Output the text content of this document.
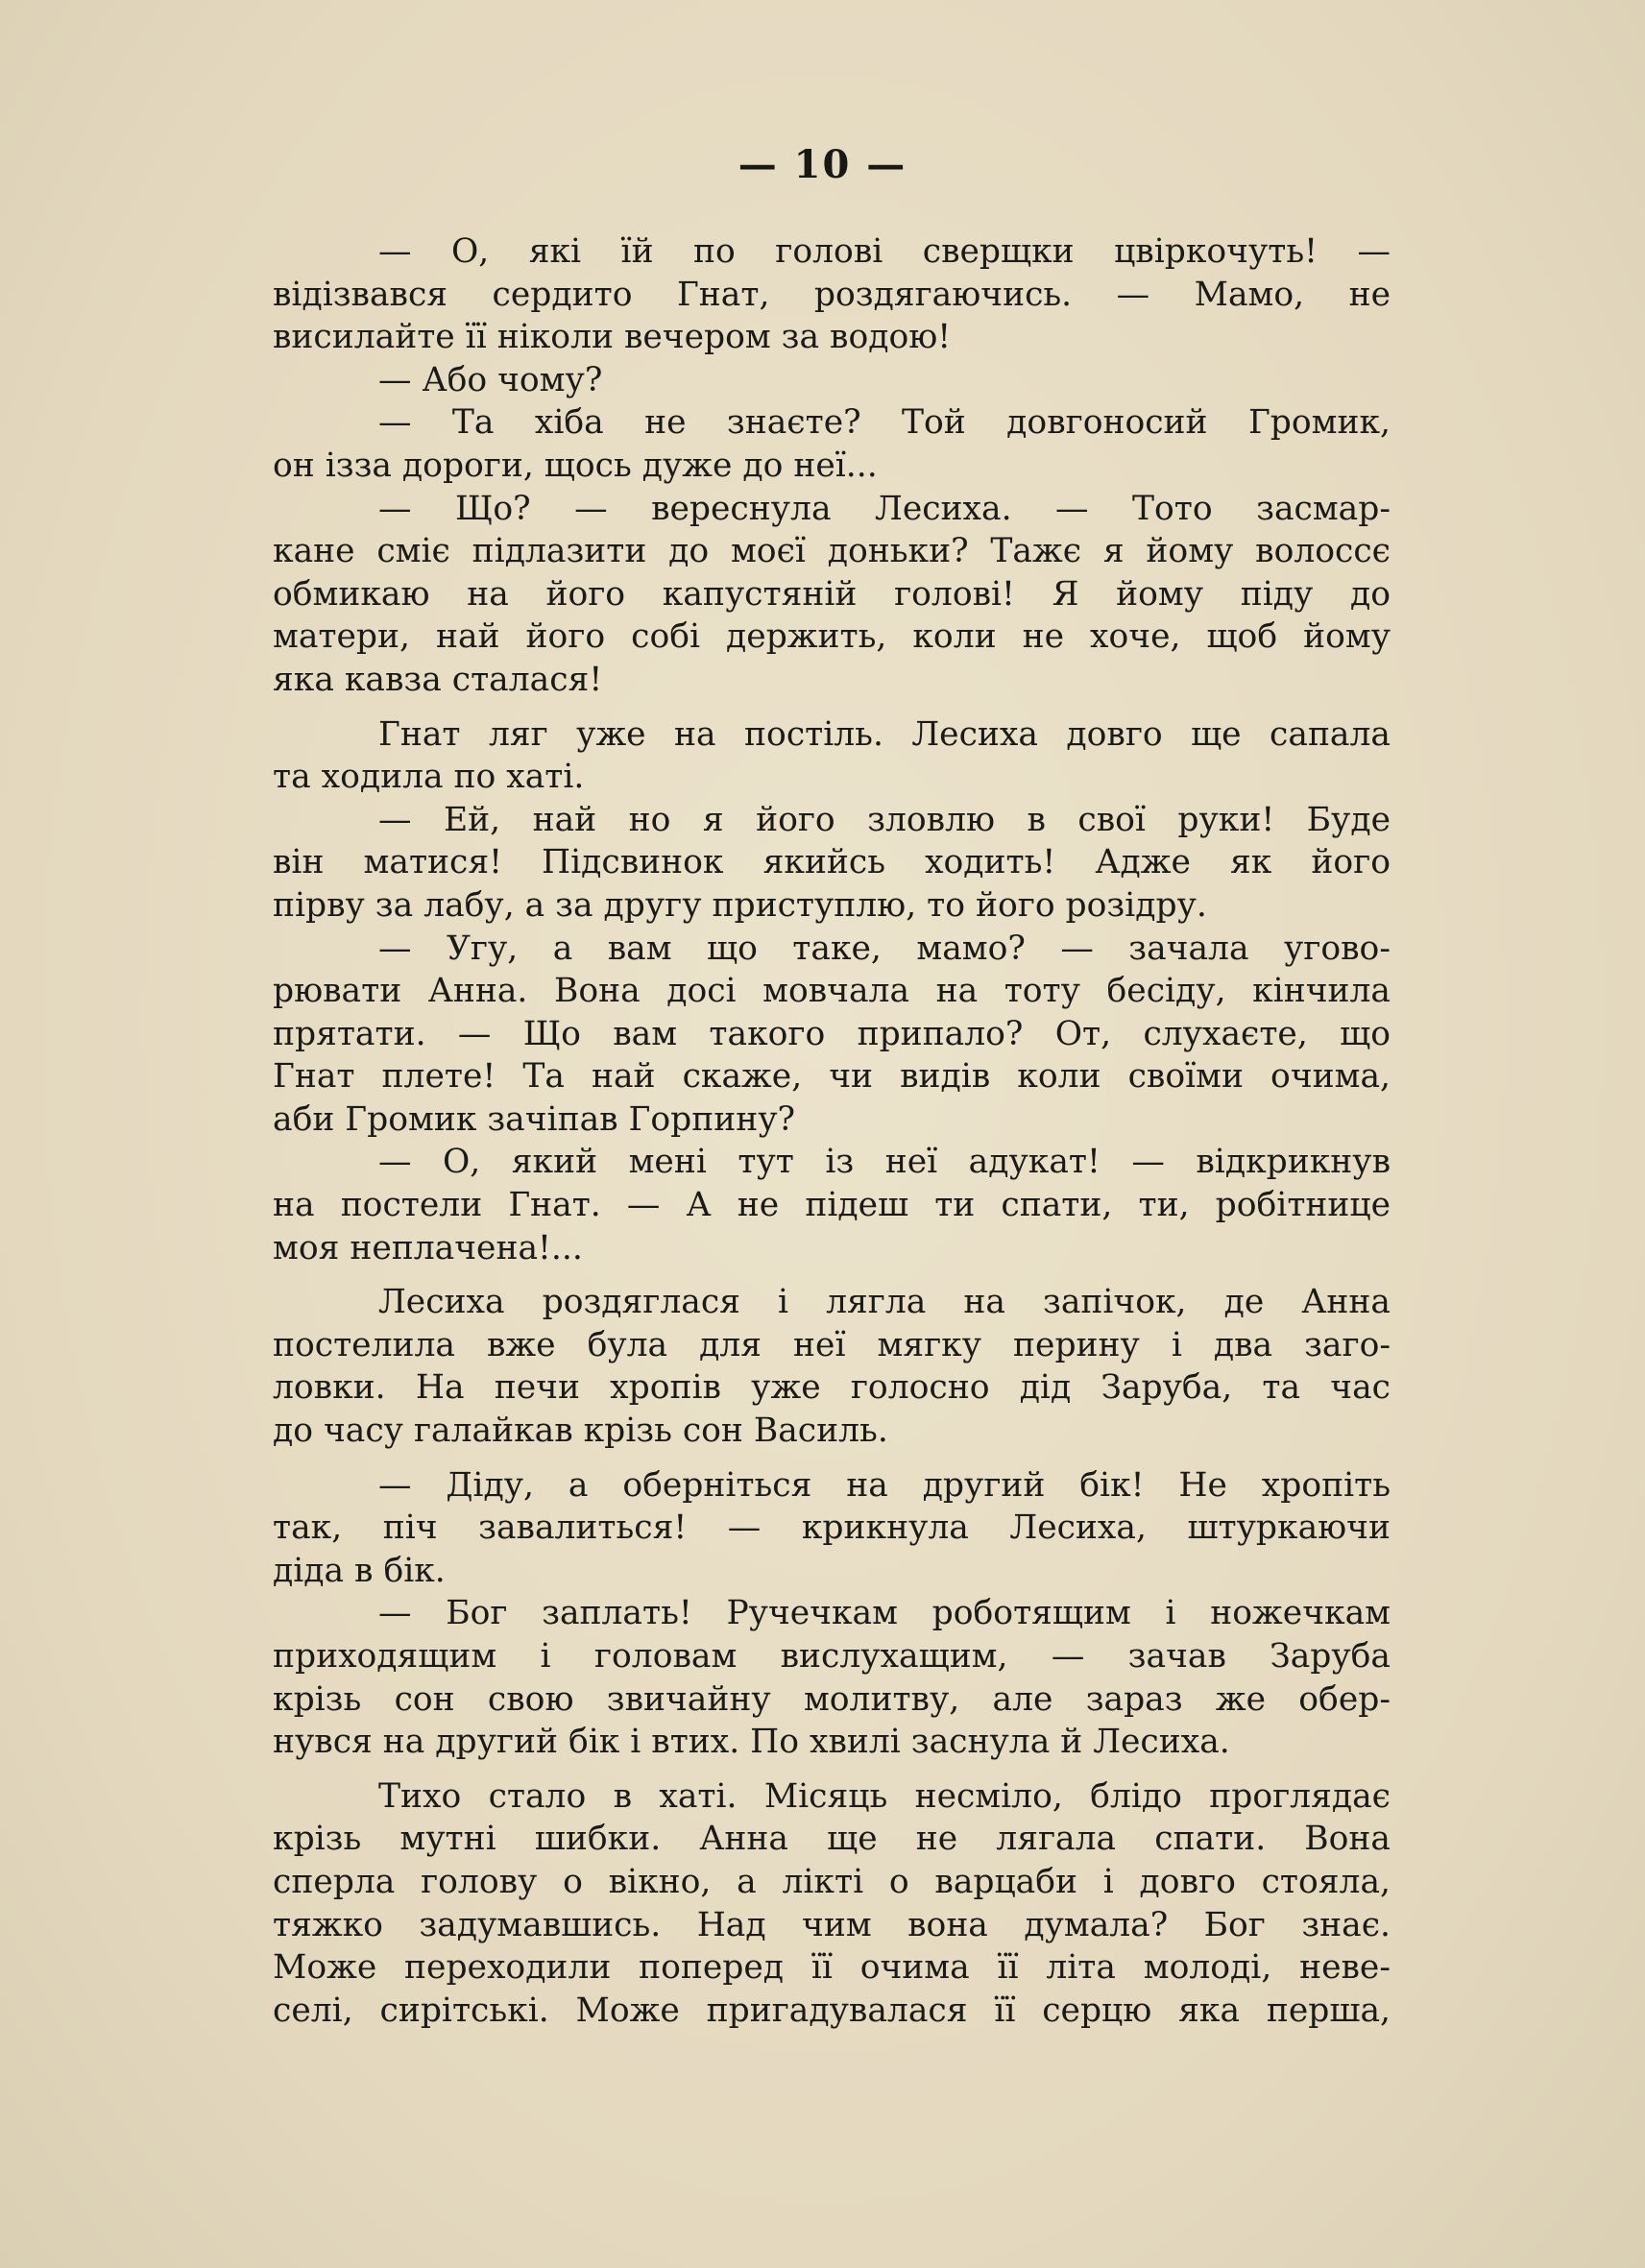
— 10 —
— О, які їй по голові сверщки цвіркочуть! —
відізвався сердито Гнат, роздягаючись. — Мамо, не
висилайте її ніколи вечером за водою!
— Або чому?
— Та хіба не знаєте? Той довгоносий Громик,
он ізза дороги, щось дуже до неї...
— Що? — вереснула Лесиха. — Тото засмар-
кане сміє підлазити до моєї доньки? Тажє я йому волоссє
обмикаю на його капустяній голові! Я йому піду до
матери, най його собі держить, коли не хоче, щоб йому
яка кавза сталася!
Гнат ляг уже на постіль. Лесиха довго ще сапала
та ходила по хаті.
— Ей, най но я його зловлю в свої руки! Буде
він матися! Підсвинок якийсь ходить! Адже як його
пірву за лабу, а за другу приступлю, то його розідру.
— Угу, а вам що таке, мамо? — зачала угово-
рювати Анна. Вона досі мовчала на тоту бесіду, кінчила
прятати. — Що вам такого припало? От, слухаєте, що
Гнат плете! Та най скаже, чи видів коли своїми очима,
аби Громик зачіпав Горпину?
— О, який мені тут із неї адукат! — відкрикнув
на постели Гнат. — А не підеш ти спати, ти, робітнице
моя неплачена!...
Лесиха роздяглася і лягла на запічок, де Анна
постелила вже була для неї мягку перину і два заго-
ловки. На печи хропів уже голосно дід Заруба, та час
до часу галайкав крізь сон Василь.
— Діду, а оберніться на другий бік! Не хропіть
так, піч завалиться! — крикнула Лесиха, штуркаючи
діда в бік.
— Бог заплать! Ручечкам роботящим і ножечкам
приходящим і головам вислухащим, — зачав Заруба
крізь сон свою звичайну молитву, але зараз же обер-
нувся на другий бік і втих. По хвилі заснула й Лесиха.
Тихо стало в хаті. Місяць несміло, блідо проглядає
крізь мутні шибки. Анна ще не лягала спати. Вона
сперла голову о вікно, а лікті о варцаби і довго стояла,
тяжко задумавшись. Над чим вона думала? Бог знає.
Може переходили поперед її очима її літа молоді, неве-
селі, сирітські. Може пригадувалася її серцю яка перша,
